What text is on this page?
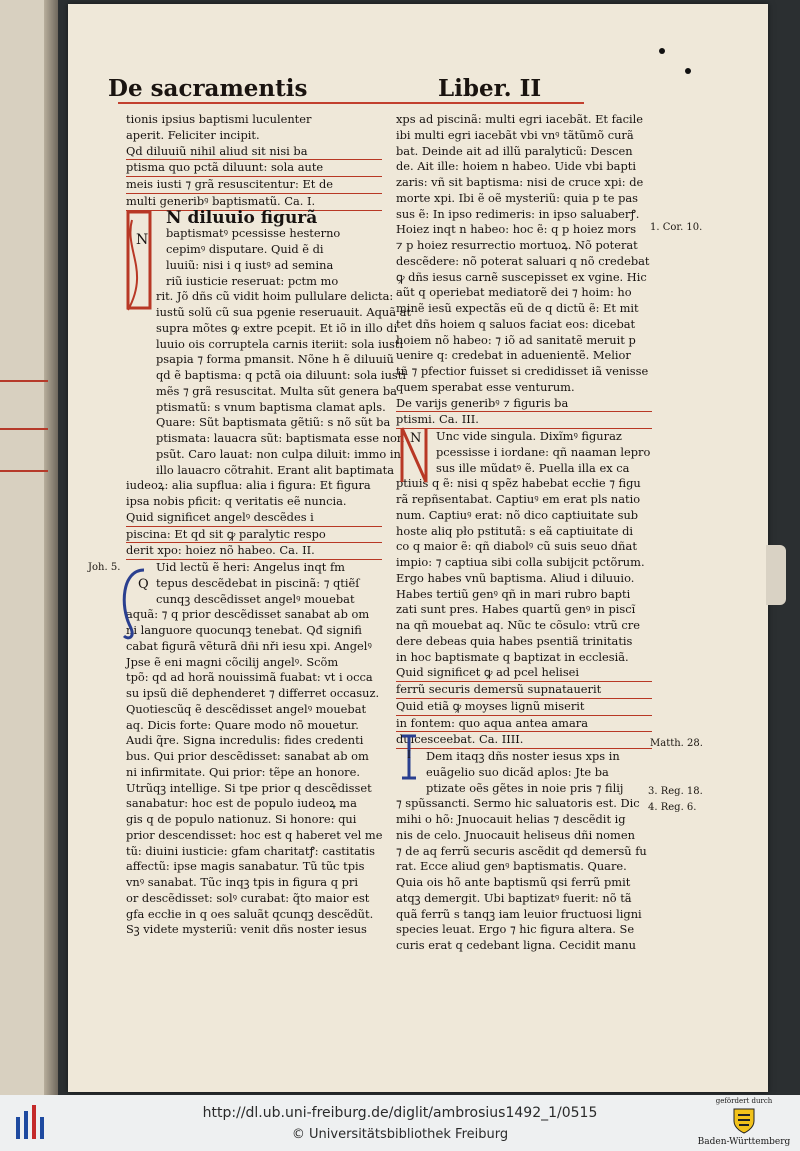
De sacramentis	Liber. II
tionis ipsius baptismi luculenter
aperit. Feliciter incipit.
Qd diluuiũ nihil aliud sit nisi ba
ptisma quo pctã diluunt: sola aute
meis iusti ⁊ grã resuscitentur: Et de
multi generibꝰ baptismatũ. Ca. I.
N diluuio figurã
baptismatꝰ pcessisse hesterno
cepimꝰ disputare. Quid ẽ di
luuiũ: nisi i q iustꝰ ad semina
riũ iusticie reseruat: pctm mo
rit. Jõ dñs cũ vidit hoim pullulare delicta:
iustũ solũ cũ sua pgenie reseruauit. Aquã at
supra mõtes ꝙ extre pcepit. Et iõ in illo di
luuio ois corruptela carnis iteriit: sola iusti
psapia ⁊ forma pmansit. Nõne h ẽ diluuiũ
qd ẽ baptisma: q pctã oia diluunt: sola iusti
mẽs ⁊ grã resuscitat. Multa sũt genera ba
ptismatũ: s vnum baptisma clamat apls.
Quare: Sũt baptismata gẽtiũ: s nõ sũt ba
ptismata: lauacra sũt: baptismata esse non
psũt. Caro lauat: non culpa diluit: immo in
illo lauacro cõtrahit. Erant alit baptimata
iudeoꝝ: alia supflua: alia i figura: Et figura
ipsa nobis pficit: q veritatis eẽ nuncia.
Quid significet angelꝰ descẽdes i
piscina: Et qd sit ꝙ paralytic respo
derit xpo: hoiez nõ habeo. Ca. II.
Uid lectũ ẽ heri: Angelus inqt fm
tepus descẽdebat in piscinã: ⁊ qtiẽſ
cunqꝫ descẽdisset angelꝰ mouebat
aquã: ⁊ q prior descẽdisset sanabat ab om
ni languore quocunqꝫ tenebat. Qđ signifi
cabat figurã vẽturã dñi nři iesu xpi. Angelꝰ
Jpse ẽ eni magni cõcilij angelꝰ. Scõm
tpõ: qd ad horã nouissimã fuabat: vt i occa
su ipsũ diẽ dephenderet ⁊ differret occasuz.
Quotiescũq ẽ descẽdisset angelꝰ mouebat
aq. Dicis forte: Quare modo nõ mouetur.
Audi q̃re. Signa incredulis: fides credenti
bus. Qui prior descẽdisset: sanabat ab om
ni infirmitate. Qui prior: tẽpe an honore.
Utrũqꝫ intellige. Si tpe prior q descẽdisset
sanabatur: hoc est de populo iudeoꝝ ma
gis q de populo nationuz. Si honore: qui
prior descendisset: hoc est q haberet vel me
tũ: diuini iusticie: gfam charitatꝭ: castitatis
affectũ: ipse magis sanabatur. Tũ tũc tpis
vnꝰ sanabat. Tũc inqꝫ tpis in figura q pri
or descẽdisset: solꝰ curabat: q̃to maior est
gfa eccłie in q oes saluãt qcunqꝫ descẽdũt.
Sꝫ videte mysteriũ: venit dñs noster iesus
xps ad piscinã: multi egri iacebãt. Et facile
ibi multi egri iacebãt vbi vnꝰ tãtũmõ curã
bat. Deinde ait ad illũ paralyticũ: Descen
de. Ait ille: hoiem n habeo. Uide vbi bapti
zaris: vñ sit baptisma: nisi de cruce xpi: de
morte xpi. Ibi ẽ oẽ mysteriũ: quia p te pas
sus ẽ: In ipso redimeris: in ipso saluaberꝭ.
Hoiez inqt n habeo: hoc ẽ: q p hoiez mors
⁊ p hoiez resurrectio mortuoꝝ. Nõ poterat
descẽdere: nõ poterat saluari q nõ credebat
ꝙ dñs iesus carnẽ suscepisset ex vgine. Hic
aũt q operiebat mediatorẽ dei ⁊ hoim: ho
minẽ iesũ expectãs eũ de q dictũ ẽ: Et mit
tet dñs hoiem q saluos faciat eos: dicebat
hoiem nõ habeo: ⁊ iõ ad sanitatẽ meruit p
uenire q: credebat in aduenientẽ. Melior
tñ ⁊ pfectior fuisset si credidisset iã venisse
quem sperabat esse venturum.
De varijs generibꝰ ⁊ figuris ba
ptismi. Ca. III.
Unc vide singula. Dixĩmꝰ figuraz
pcessisse i iordane: qñ naaman lepro
sus ille mũdatꝰ ẽ. Puella illa ex ca
ptiuis q ẽ: nisi q spẽz habebat eccłie ⁊ figu
rã repñsentabat. Captiuꝰ em erat pls natio
num. Captiuꝰ erat: nõ dico captiuitate sub
hoste aliq pło pstitutã: s eã captiuitate di
co q maior ẽ: qñ diabolꝰ cũ suis seuo dñat
impio: ⁊ captiua sibi colla subijcit pctõrum.
Ergo habes vnũ baptisma. Aliud i diluuio.
Habes tertiũ genꝰ qñ in mari rubro bapti
zati sunt pres. Habes quartũ genꝰ in piscĩ
na qñ mouebat aq. Nũc te cõsulo: vtrũ cre
dere debeas quia habes psentiã trinitatis
in hoc baptismate q baptizat in ecclesiã.
Quid significet ꝙ ad pcel helisei
ferrũ securis demersũ supnatauerit
Quid etiã ꝙ moyses lignũ miserit
in fontem: quo aqua antea amara
dulcesceebat. Ca. IIII.
Dem itaqꝫ dñs noster iesus xps in
euãgelio suo dicãd aplos: Jte ba
ptizate oẽs gẽtes in noie pris ⁊ filij
⁊ spũssancti. Sermo hic saluatoris est. Dic
mihi o hõ: Jnuocauit helias ⁊ descẽdit ig
nis de celo. Jnuocauit heliseus dñi nomen
⁊ de aq ferrũ securis ascẽdit qd demersũ fu
rat. Ecce aliud genꝰ baptismatis. Quare.
Quia ois hõ ante baptismũ qsi ferrũ pmit
atqꝫ demergit. Ubi baptizatꝰ fuerit: nõ tã
quã ferrũ s tanqꝫ iam leuior fructuosi ligni
species leuat. Ergo ⁊ hic figura altera. Se
curis erat q cedebant ligna. Cecidit manu
N
Q
N
I
Joh. 5.
1. Cor. 10.
Matth. 28.
3. Reg. 18.
4. Reg. 6.
http://dl.ub.uni-freiburg.de/diglit/ambrosius1492_1/0515
© Universitätsbibliothek Freiburg
gefördert durch
Baden-Württemberg
